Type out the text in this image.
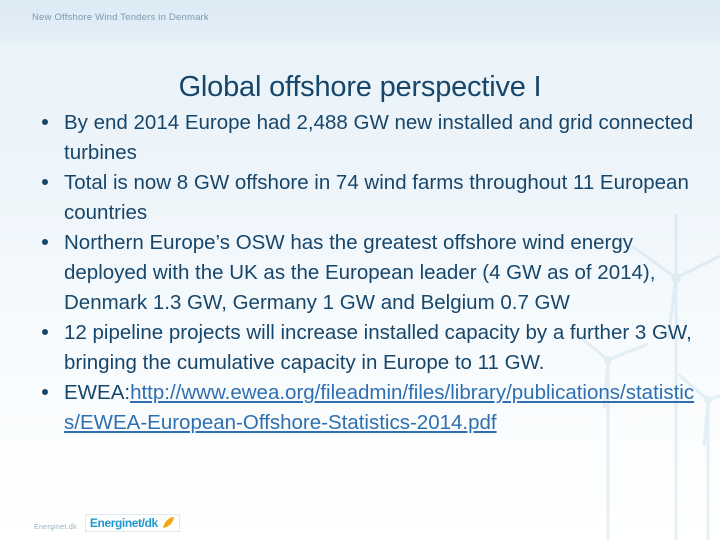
New Offshore Wind Tenders in Denmark
Global offshore perspective I
By end 2014 Europe had 2,488 GW new installed and grid connected turbines
Total is now 8 GW offshore in 74 wind farms throughout 11 European countries
Northern Europe’s OSW has the greatest offshore wind energy deployed with the UK as the European leader (4 GW as of 2014), Denmark 1.3 GW, Germany 1 GW and Belgium 0.7 GW
12 pipeline projects will increase installed capacity by a further 3 GW, bringing the cumulative capacity in Europe to 11 GW.
EWEA:http://www.ewea.org/fileadmin/files/library/publications/statistics/EWEA-European-Offshore-Statistics-2014.pdf
Energinet.dk Energinet / dk
